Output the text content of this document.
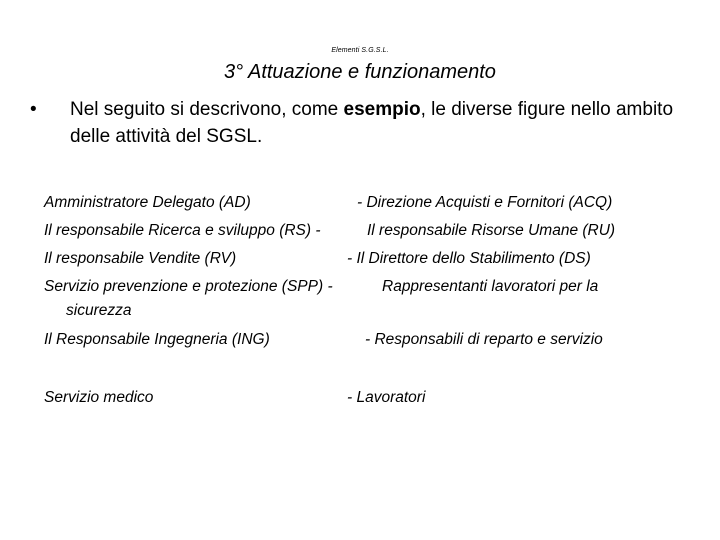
Elementi S.G.S.L.
3° Attuazione e funzionamento
• Nel seguito si descrivono, come esempio, le diverse figure nello ambito delle attività del SGSL.
Amministratore Delegato (AD)	- Direzione Acquisti e Fornitori (ACQ)
Il responsabile Ricerca e sviluppo (RS) -	Il responsabile Risorse Umane (RU)
Il responsabile Vendite (RV)	- Il Direttore dello Stabilimento (DS)
Servizio prevenzione e protezione (SPP) -	Rappresentanti lavoratori per la
sicurezza
Il Responsabile Ingegneria (ING)	- Responsabili di reparto e servizio
Servizio medico	- Lavoratori
